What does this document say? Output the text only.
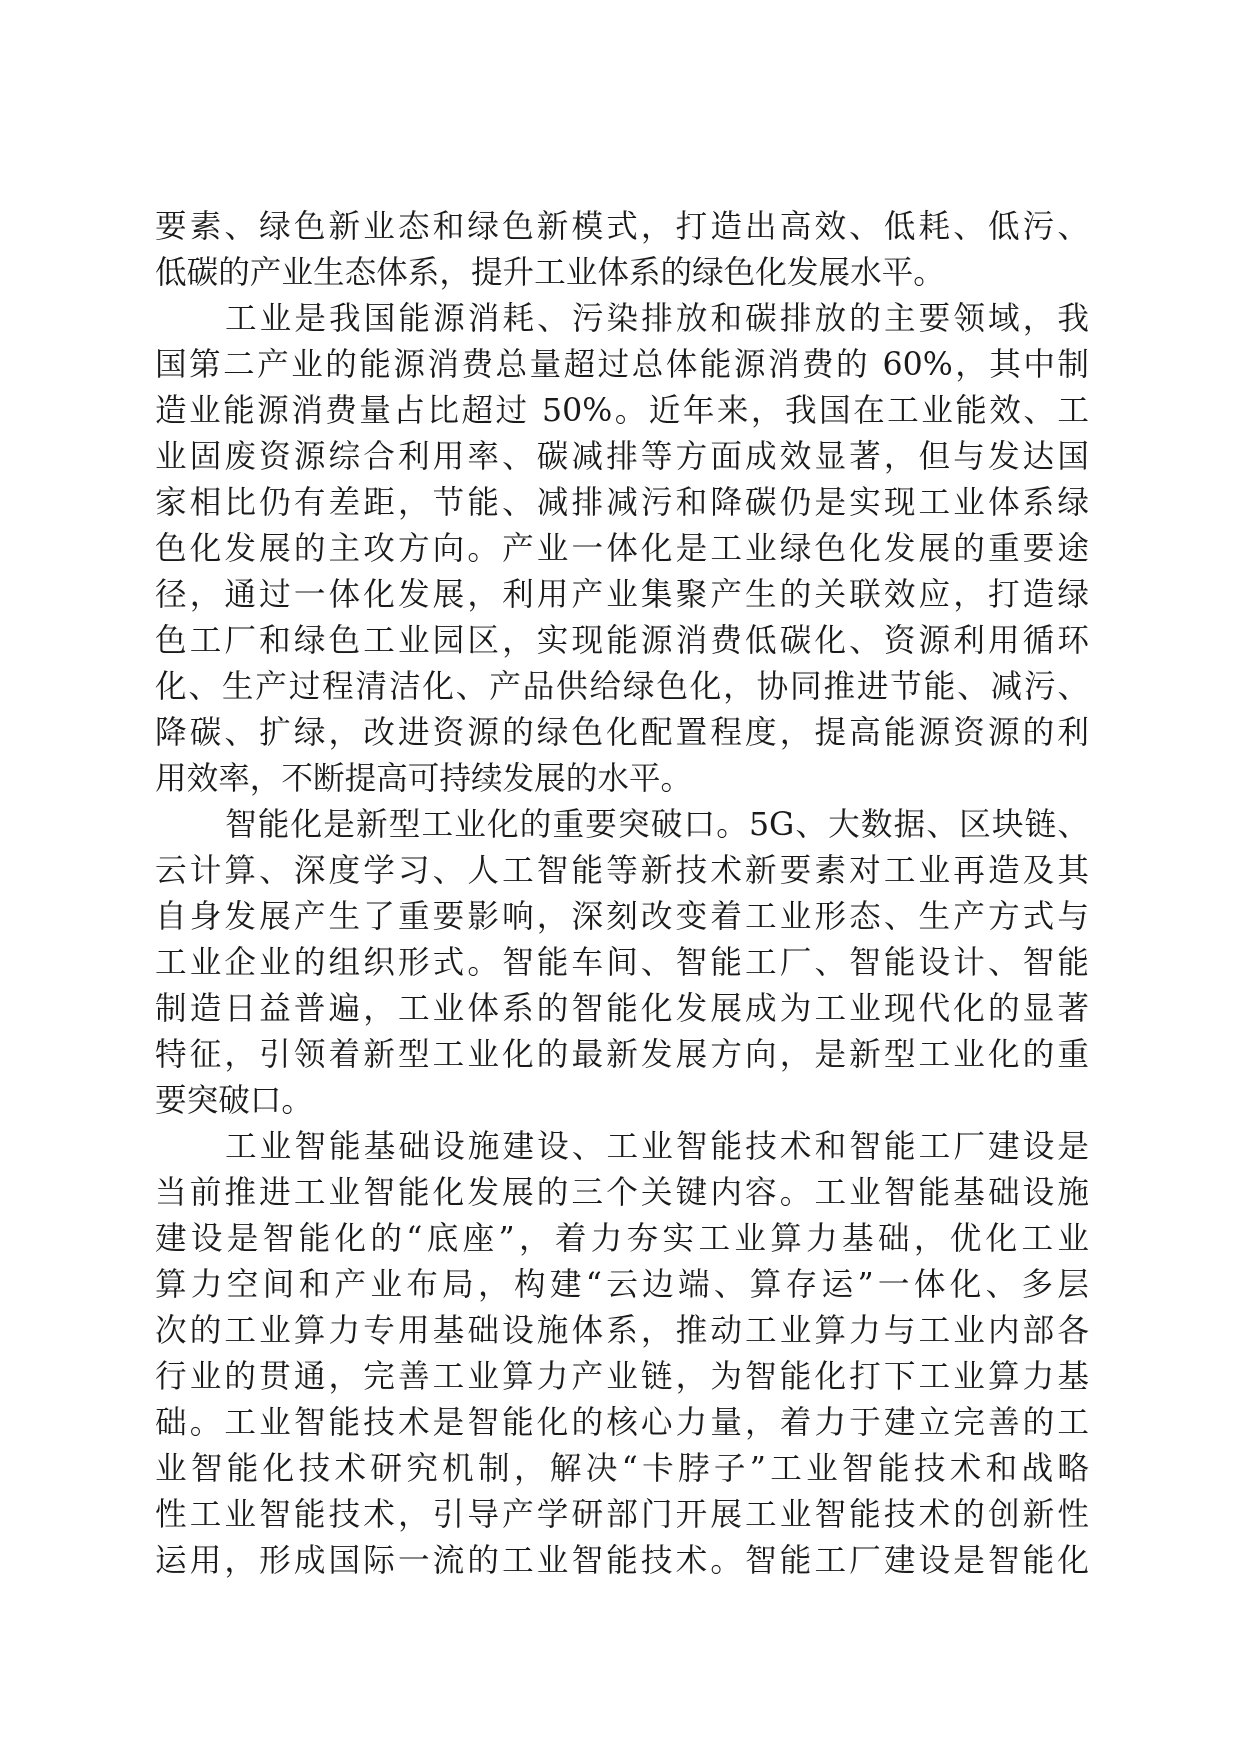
要素、绿色新业态和绿色新模式，打造出高效、低耗、低污、
低碳的产业生态体系，提升工业体系的绿色化发展水平。
工业是我国能源消耗、污染排放和碳排放的主要领域，我
国第二产业的能源消费总量超过总体能源消费的 60%，其中制
造业能源消费量占比超过 50%。近年来，我国在工业能效、工
业固废资源综合利用率、碳减排等方面成效显著，但与发达国
家相比仍有差距，节能、减排减污和降碳仍是实现工业体系绿
色化发展的主攻方向。产业一体化是工业绿色化发展的重要途
径，通过一体化发展，利用产业集聚产生的关联效应，打造绿
色工厂和绿色工业园区，实现能源消费低碳化、资源利用循环
化、生产过程清洁化、产品供给绿色化，协同推进节能、减污、
降碳、扩绿，改进资源的绿色化配置程度，提高能源资源的利
用效率，不断提高可持续发展的水平。
智能化是新型工业化的重要突破口。5G、大数据、区块链、
云计算、深度学习、人工智能等新技术新要素对工业再造及其
自身发展产生了重要影响，深刻改变着工业形态、生产方式与
工业企业的组织形式。智能车间、智能工厂、智能设计、智能
制造日益普遍，工业体系的智能化发展成为工业现代化的显著
特征，引领着新型工业化的最新发展方向，是新型工业化的重
要突破口。
工业智能基础设施建设、工业智能技术和智能工厂建设是
当前推进工业智能化发展的三个关键内容。工业智能基础设施
建设是智能化的“底座”，着力夯实工业算力基础，优化工业
算力空间和产业布局，构建“云边端、算存运”一体化、多层
次的工业算力专用基础设施体系，推动工业算力与工业内部各
行业的贯通，完善工业算力产业链，为智能化打下工业算力基
础。工业智能技术是智能化的核心力量，着力于建立完善的工
业智能化技术研究机制，解决“卡脖子”工业智能技术和战略
性工业智能技术，引导产学研部门开展工业智能技术的创新性
运用，形成国际一流的工业智能技术。智能工厂建设是智能化
